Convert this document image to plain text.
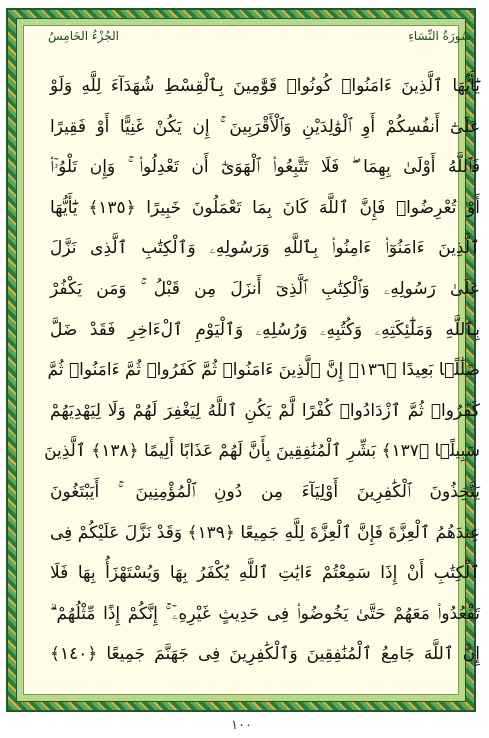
الجُزْءُ الخَامِسُ	سُورَةُ النِّسَاءِ
يَٰٓأَيُّهَا ٱلَّذِينَ ءَامَنُوا۟ كُونُوا۟ قَوَّٰمِينَ بِٱلْقِسْطِ شُهَدَآءَ لِلَّهِ وَلَوْ
عَلَىٰٓ أَنفُسِكُمْ أَوِ ٱلْوَٰلِدَيْنِ وَٱلْأَقْرَبِينَ ۚ إِن يَكُنْ غَنِيًّا أَوْ فَقِيرًا
فَٱللَّهُ أَوْلَىٰ بِهِمَا ۖ فَلَا تَتَّبِعُوا۟ ٱلْهَوَىٰٓ أَن تَعْدِلُوا۟ ۚ وَإِن تَلْوُۥٓا۟
أَوْ تُعْرِضُوا۟ فَإِنَّ ٱللَّهَ كَانَ بِمَا تَعْمَلُونَ خَبِيرًا ﴿١٣٥﴾ يَٰٓأَيُّهَا
ٱلَّذِينَ ءَامَنُوٓا۟ ءَامِنُوا۟ بِٱللَّهِ وَرَسُولِهِۦ وَٱلْكِتَٰبِ ٱلَّذِى نَزَّلَ
عَلَىٰ رَسُولِهِۦ وَٱلْكِتَٰبِ ٱلَّذِىٓ أَنزَلَ مِن قَبْلُ ۚ وَمَن يَكْفُرْ
بِٱللَّهِ وَمَلَٰٓئِكَتِهِۦ وَكُتُبِهِۦ وَرُسُلِهِۦ وَٱلْيَوْمِ ٱلْءَاخِرِ فَقَدْ ضَلَّ
ضَلَٰلًۢا بَعِيدًا ﴿١٣٦﴾ إِنَّ ٱلَّذِينَ ءَامَنُوا۟ ثُمَّ كَفَرُوا۟ ثُمَّ ءَامَنُوا۟ ثُمَّ
كَفَرُوا۟ ثُمَّ ٱزْدَادُوا۟ كُفْرًا لَّمْ يَكُنِ ٱللَّهُ لِيَغْفِرَ لَهُمْ وَلَا لِيَهْدِيَهُمْ
سَبِيلًۢا ﴿١٣٧﴾ بَشِّرِ ٱلْمُنَٰفِقِينَ بِأَنَّ لَهُمْ عَذَابًا أَلِيمًا ﴿١٣٨﴾ ٱلَّذِينَ
يَتَّخِذُونَ ٱلْكَٰفِرِينَ أَوْلِيَآءَ مِن دُونِ ٱلْمُؤْمِنِينَ ۚ أَيَبْتَغُونَ
عِندَهُمُ ٱلْعِزَّةَ فَإِنَّ ٱلْعِزَّةَ لِلَّهِ جَمِيعًا ﴿١٣٩﴾ وَقَدْ نَزَّلَ عَلَيْكُمْ فِى
ٱلْكِتَٰبِ أَنْ إِذَا سَمِعْتُمْ ءَايَٰتِ ٱللَّهِ يُكْفَرُ بِهَا وَيُسْتَهْزَأُ بِهَا فَلَا
تَقْعُدُوا۟ مَعَهُمْ حَتَّىٰ يَخُوضُوا۟ فِى حَدِيثٍ غَيْرِهِۦٓ ۚ إِنَّكُمْ إِذًا مِّثْلُهُمْ ۗ
إِنَّ ٱللَّهَ جَامِعُ ٱلْمُنَٰفِقِينَ وَٱلْكَٰفِرِينَ فِى جَهَنَّمَ جَمِيعًا ﴿١٤٠﴾
١٠٠
